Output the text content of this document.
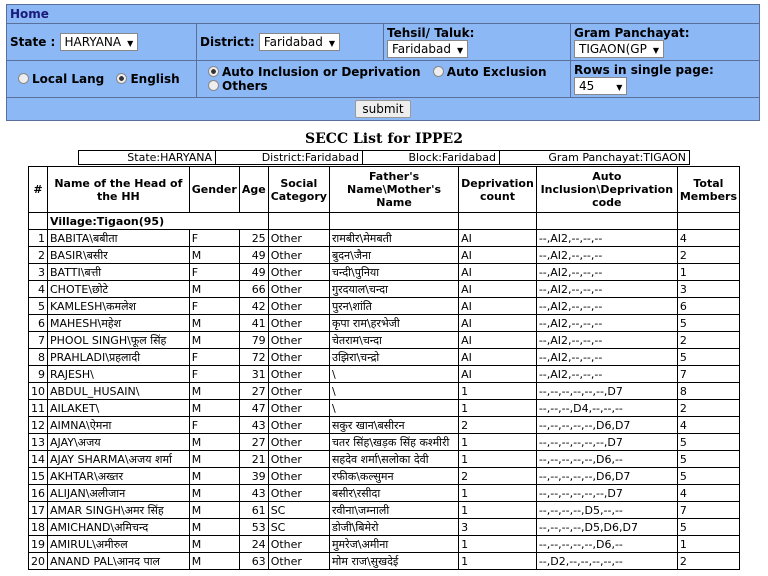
Home			
State : HARYANA ▼	District: Faridabad ▼	Tehsil/ Taluk:
Faridabad ▼	Gram Panchayat:
TIGAON(GP ▼
Local Lang English	Auto Inclusion or Deprivation Auto Exclusion Others		Rows in single page:
45 ▼
submit			
SECC List for IPPE2
State:HARYANA	District:Faridabad	Block:Faridabad	Gram Panchayat:TIGAON
#	Name of the Head of the HH	Gender	Age	Social Category	Father's Name\Mother's Name	Deprivation count	Auto Inclusion\Deprivation code	Total Members
	Village:Tigaon(95)							
1	BABITA\बबीता	F	25	Other	रामबीर\मेमबती	AI	--,AI2,--,--,--	4
2	BASIR\बसीर	M	49	Other	बुदन\जैना	AI	--,AI2,--,--,--	2
3	BATTI\बत्ती	F	49	Other	चन्दी\पुनिया	AI	--,AI2,--,--,--	1
4	CHOTE\छोटे	M	66	Other	गुरदयाल\चन्दा	AI	--,AI2,--,--,--	3
5	KAMLESH\कमलेश	F	42	Other	पुरन\शांति	AI	--,AI2,--,--,--	6
6	MAHESH\महेश	M	41	Other	कृपा राम\हरभेजी	AI	--,AI2,--,--,--	5
7	PHOOL SINGH\फूल सिंह	M	79	Other	चेतराम\चन्दा	AI	--,AI2,--,--,--	2
8	PRAHLADI\प्रहलादी	F	72	Other	उझिरा\चन्द्रो	AI	--,AI2,--,--,--	5
9	RAJESH\	F	31	Other	\	AI	--,AI2,--,--,--	7
10	ABDUL_HUSAIN\	M	27	Other	\	1	--,--,--,--,--,--,D7	8
11	AILAKET\	M	47	Other	\	1	--,--,--,D4,--,--,--	2
12	AIMNA\ऐमना	F	43	Other	सकुर खान\बसीरन	2	--,--,--,--,--,D6,D7	4
13	AJAY\अजय	M	27	Other	चतर सिंह\खड़क सिंह कश्मीरी	1	--,--,--,--,--,--,D7	5
14	AJAY SHARMA\अजय शर्मा	M	21	Other	सहदेव शर्मा\सलोका देवी	1	--,--,--,--,--,D6,--	5
15	AKHTAR\अख्तर	M	39	Other	रफीक\कल्सुमन	2	--,--,--,--,--,D6,D7	5
16	ALIJAN\अलीजान	M	43	Other	बसीर\रसीदा	1	--,--,--,--,--,--,D7	4
17	AMAR SINGH\अमर सिंह	M	61	SC	रवीना\जम्नाली	1	--,--,--,--,D5,--,--	7
18	AMICHAND\अमिचन्द	M	53	SC	डोजी\बिमेरो	3	--,--,--,--,D5,D6,D7	5
19	AMIRUL\अमीरुल	M	24	Other	मुमरेज\अमीना	1	--,--,--,--,--,D6,--	1
20	ANAND PAL\आनद पाल	M	63	Other	मोम राज\सुखदेई	1	--,D2,--,--,--,--,--	2
